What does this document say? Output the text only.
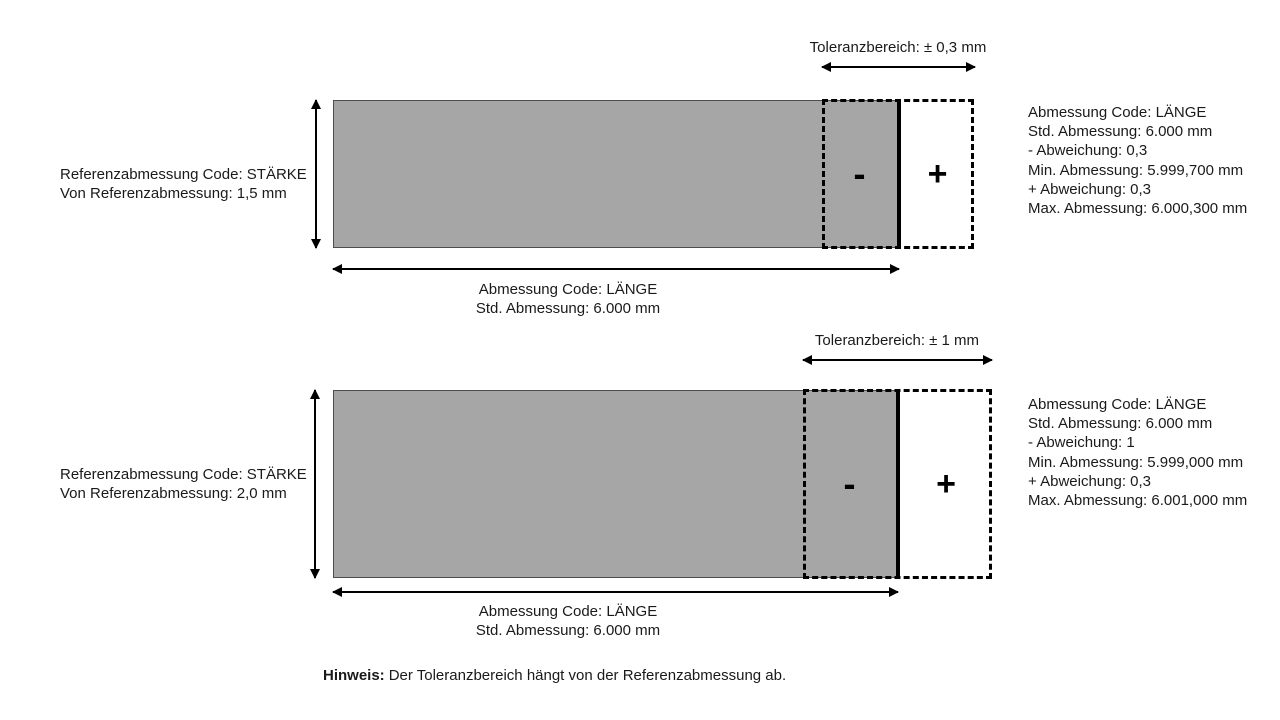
Toleranzbereich: ± 0,3 mm
Referenzabmessung Code: STÄRKE
Von Referenzabmessung: 1,5 mm	-	+
Abmessung Code: LÄNGE
Std. Abmessung: 6.000 mm
Abmessung Code: LÄNGE
Std. Abmessung: 6.000 mm
- Abweichung: 0,3
Min. Abmessung: 5.999,700 mm
+ Abweichung: 0,3
Max. Abmessung: 6.000,300 mm
Toleranzbereich: ± 1 mm
Referenzabmessung Code: STÄRKE
Von Referenzabmessung: 2,0 mm	-	+
Abmessung Code: LÄNGE
Std. Abmessung: 6.000 mm
Abmessung Code: LÄNGE
Std. Abmessung: 6.000 mm
- Abweichung: 1
Min. Abmessung: 5.999,000 mm
+ Abweichung: 0,3
Max. Abmessung: 6.001,000 mm
Hinweis: Der Toleranzbereich hängt von der Referenzabmessung ab.
